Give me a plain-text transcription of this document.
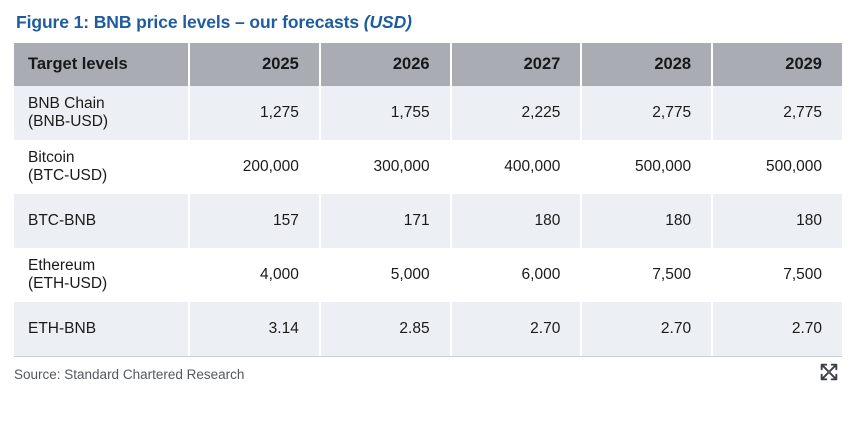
Figure 1: BNB price levels – our forecasts (USD)
Target levels	2025	2026	2027	2028	2029

BNB Chain
(BNB-USD)	1,275	1,755	2,225	2,775	2,775

Bitcoin
(BTC-USD)	200,000	300,000	400,000	500,000	500,000

BTC-BNB	157	171	180	180	180

Ethereum
(ETH-USD)	4,000	5,000	6,000	7,500	7,500

ETH-BNB	3.14	2.85	2.70	2.70	2.70
Source: Standard Chartered Research
